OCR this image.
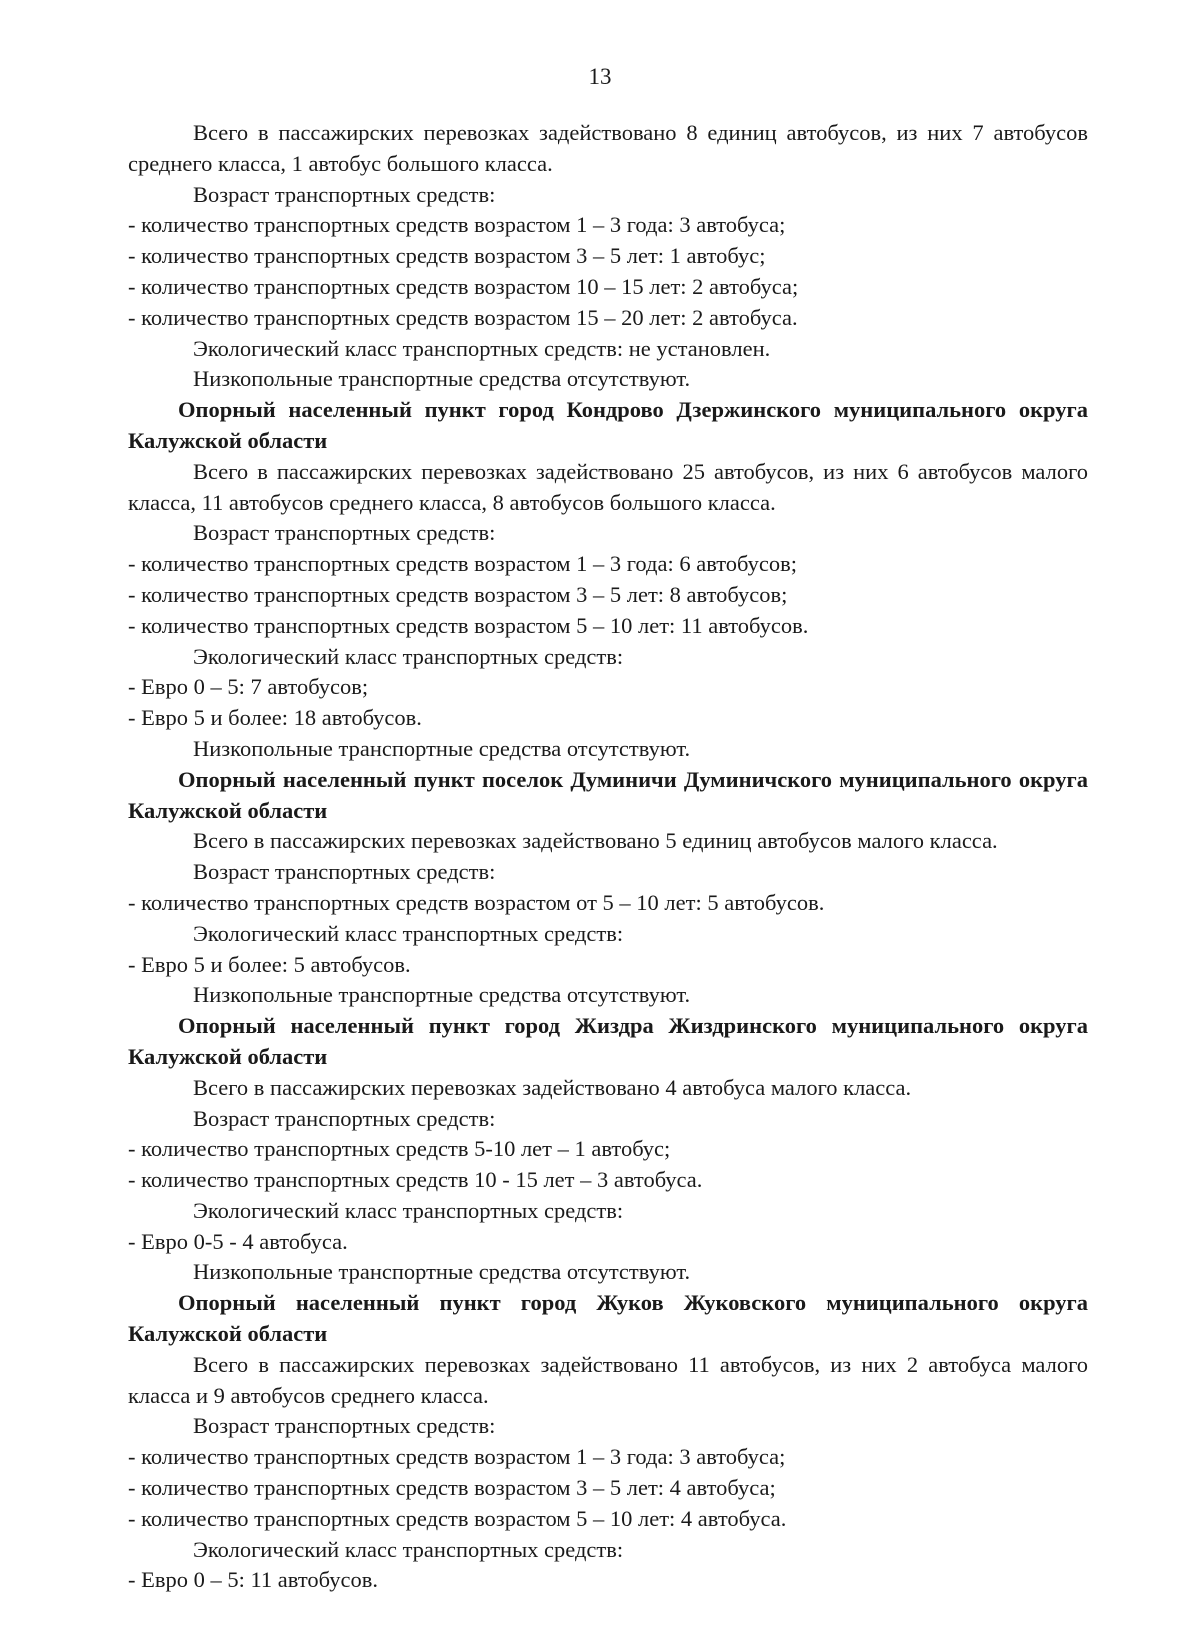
13

Всего в пассажирских перевозках задействовано 8 единиц автобусов, из них 7 автобусов среднего класса, 1 автобус большого класса.

Возраст транспортных средств:

- количество транспортных средств возрастом 1 – 3 года: 3 автобуса;

- количество транспортных средств возрастом 3 – 5 лет: 1 автобус;

- количество транспортных средств возрастом 10 – 15 лет: 2 автобуса;

- количество транспортных средств возрастом 15 – 20 лет: 2 автобуса.

Экологический класс транспортных средств: не установлен.

Низкопольные транспортные средства отсутствуют.

Опорный населенный пункт город Кондрово Дзержинского муниципального округа Калужской области

Всего в пассажирских перевозках задействовано 25 автобусов, из них 6 автобусов малого класса, 11 автобусов среднего класса, 8 автобусов большого класса.

Возраст транспортных средств:

- количество транспортных средств возрастом 1 – 3 года: 6 автобусов;

- количество транспортных средств возрастом 3 – 5 лет: 8 автобусов;

- количество транспортных средств возрастом 5 – 10 лет: 11 автобусов.

Экологический класс транспортных средств:

- Евро 0 – 5: 7 автобусов;

- Евро 5 и более: 18 автобусов.

Низкопольные транспортные средства отсутствуют.

Опорный населенный пункт поселок Думиничи Думиничского муниципального округа Калужской области

Всего в пассажирских перевозках задействовано 5 единиц автобусов малого класса.

Возраст транспортных средств:

- количество транспортных средств возрастом от 5 – 10 лет: 5 автобусов.

Экологический класс транспортных средств:

- Евро 5 и более: 5 автобусов.

Низкопольные транспортные средства отсутствуют.

Опорный населенный пункт город Жиздра Жиздринского муниципального округа Калужской области

Всего в пассажирских перевозках задействовано 4 автобуса малого класса.

Возраст транспортных средств:

- количество транспортных средств 5-10 лет – 1 автобус;

- количество транспортных средств 10 - 15 лет – 3 автобуса.

Экологический класс транспортных средств:

- Евро 0-5 - 4 автобуса.

Низкопольные транспортные средства отсутствуют.

Опорный населенный пункт город Жуков Жуковского муниципального округа Калужской области

Всего в пассажирских перевозках задействовано 11 автобусов, из них 2 автобуса малого класса и 9 автобусов среднего класса.

Возраст транспортных средств:

- количество транспортных средств возрастом 1 – 3 года: 3 автобуса;

- количество транспортных средств возрастом 3 – 5 лет: 4 автобуса;

- количество транспортных средств возрастом 5 – 10 лет: 4 автобуса.

Экологический класс транспортных средств:

- Евро 0 – 5: 11 автобусов.
